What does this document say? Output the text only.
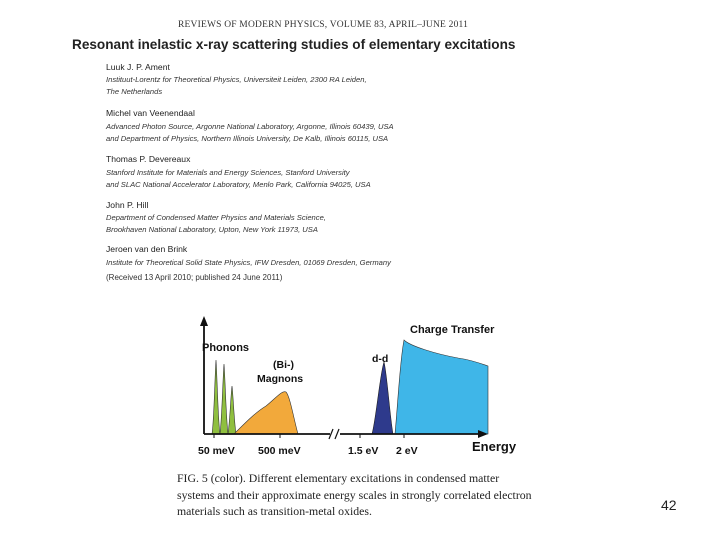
REVIEWS OF MODERN PHYSICS, VOLUME 83, APRIL–JUNE 2011
Resonant inelastic x-ray scattering studies of elementary excitations
Luuk J. P. Ament
Instituut-Lorentz for Theoretical Physics, Universiteit Leiden, 2300 RA Leiden,
The Netherlands
Michel van Veenendaal
Advanced Photon Source, Argonne National Laboratory, Argonne, Illinois 60439, USA
and Department of Physics, Northern Illinois University, De Kalb, Illinois 60115, USA
Thomas P. Devereaux
Stanford Institute for Materials and Energy Sciences, Stanford University
and SLAC National Accelerator Laboratory, Menlo Park, California 94025, USA
John P. Hill
Department of Condensed Matter Physics and Materials Science,
Brookhaven National Laboratory, Upton, New York 11973, USA
Jeroen van den Brink
Institute for Theoretical Solid State Physics, IFW Dresden, 01069 Dresden, Germany
(Received 13 April 2010; published 24 June 2011)
Phonons
(Bi-)
Magnons
d-d
Charge Transfer
50 meV 500 meV	1.5 eV 2 eV	Energy
FIG. 5 (color). Different elementary excitations in condensed matter systems and their approximate energy scales in strongly correlated electron materials such as transition-metal oxides.	42
